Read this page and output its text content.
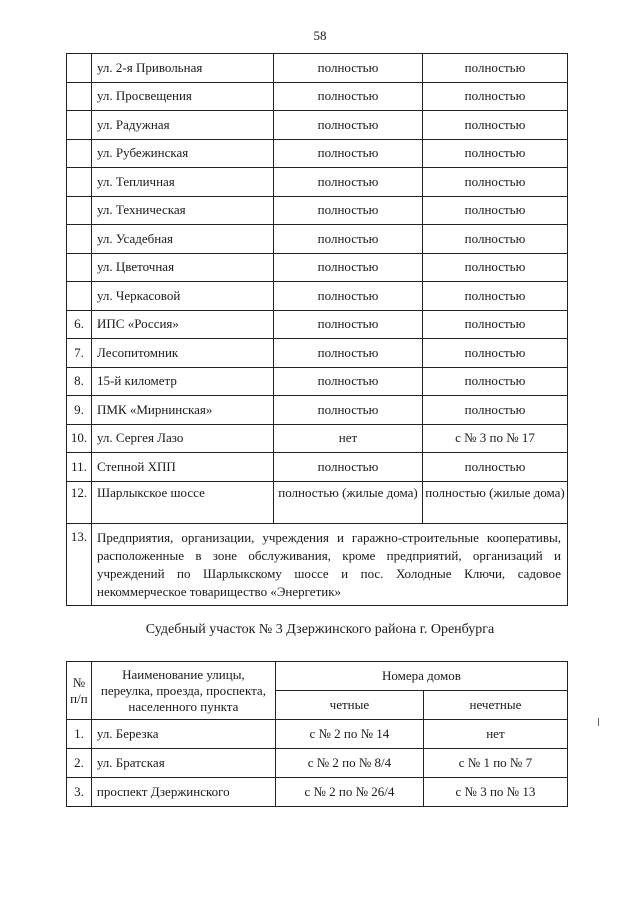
58
	ул. 2-я Привольная	полностью	полностью
	ул. Просвещения	полностью	полностью
	ул. Радужная	полностью	полностью
	ул. Рубежинская	полностью	полностью
	ул. Тепличная	полностью	полностью
	ул. Техническая	полностью	полностью
	ул. Усадебная	полностью	полностью
	ул. Цветочная	полностью	полностью
	ул. Черкасовой	полностью	полностью
6.	ИПС «Россия»	полностью	полностью
7.	Лесопитомник	полностью	полностью
8.	15-й километр	полностью	полностью
9.	ПМК «Мирнинская»	полностью	полностью
10.	ул. Сергея Лазо	нет	с № 3 по № 17
11.	Степной ХПП	полностью	полностью
12.	Шарлыкское шоссе	полностью (жилые дома)	полностью (жилые дома)
13.	Предприятия, организации, учреждения и гаражно-строительные кооперативы, расположенные в зоне обслуживания, кроме предприятий, организаций и учреждений по Шарлыкскому шоссе и пос. Холодные Ключи, садовое некоммерческое товарищество «Энергетик»		
Судебный участок № 3 Дзержинского района г. Оренбурга
№ п/п	Наименование улицы, переулка, проезда, проспекта, населенного пункта	Номера домов	
		четные	нечетные
1.	ул. Березка	с № 2 по № 14	нет
2.	ул. Братская	с № 2 по № 8/4	с № 1 по № 7
3.	проспект Дзержинского	с № 2 по № 26/4	с № 3 по № 13
